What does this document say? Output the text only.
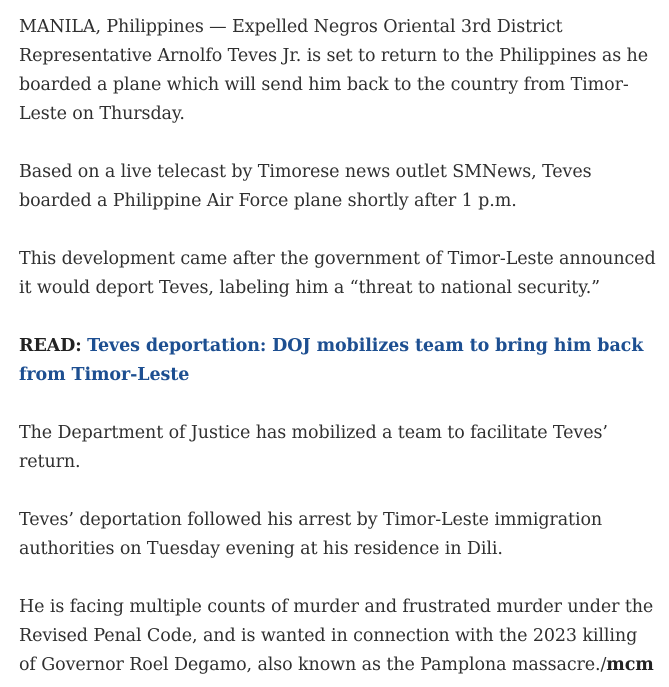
MANILA, Philippines — Expelled Negros Oriental 3rd District Representative Arnolfo Teves Jr. is set to return to the Philippines as he boarded a plane which will send him back to the country from Timor-Leste on Thursday.

Based on a live telecast by Timorese news outlet SMNews, Teves boarded a Philippine Air Force plane shortly after 1 p.m.

This development came after the government of Timor-Leste announced it would deport Teves, labeling him a “threat to national security.”

READ: Teves deportation: DOJ mobilizes team to bring him back from Timor-Leste

The Department of Justice has mobilized a team to facilitate Teves’ return.

Teves’ deportation followed his arrest by Timor-Leste immigration authorities on Tuesday evening at his residence in Dili.

He is facing multiple counts of murder and frustrated murder under the Revised Penal Code, and is wanted in connection with the 2023 killing of Governor Roel Degamo, also known as the Pamplona massacre./mcm
